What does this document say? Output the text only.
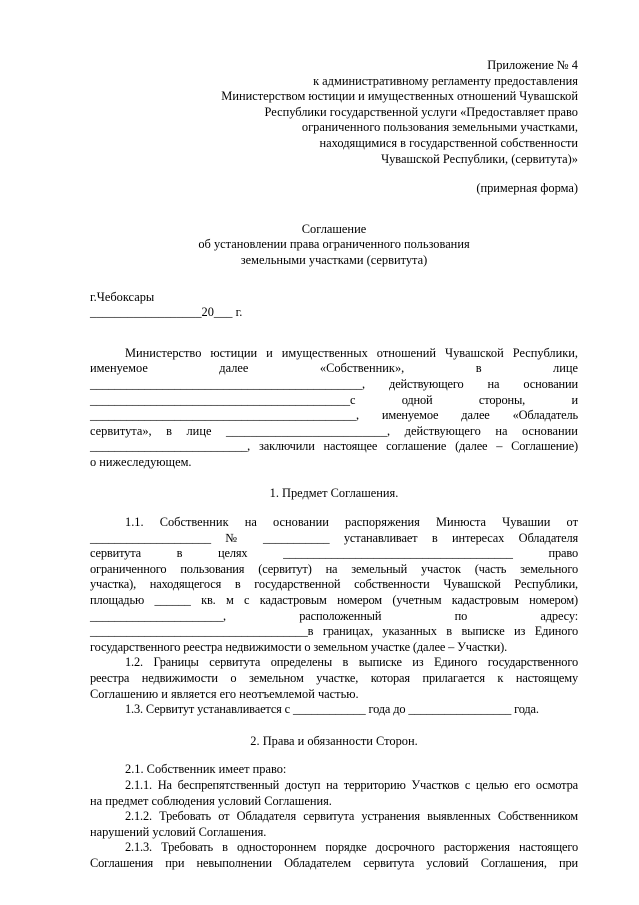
Приложение № 4
к административному регламенту предоставления
Министерством юстиции и имущественных отношений Чувашской
Республики государственной услуги «Предоставляет право
ограниченного пользования земельными участками,
находящимися в государственной собственности
Чувашской Республики, (сервитута)»
(примерная форма)
Соглашение
об установлении права ограниченного пользования
земельными участками (сервитута)
г.Чебоксары
__________________20___ г.
Министерство юстиции и имущественных отношений Чувашской Республики,
именуемое	далее	«Собственник»,	в	лице
_____________________________________________, действующего на основании
___________________________________________с	одной	стороны,	и
____________________________________________, именуемое далее «Обладатель
сервитута», в лице __________________________, действующего на основании
__________________________, заключили настоящее соглашение (далее – Соглашение)
о нижеследующем.
1. Предмет Соглашения.
1.1. Собственник на основании распоряжения Минюста Чувашии от
____________________ № ___________ устанавливает в интересах Обладателя
сервитута	в	целях	______________________________________	право
ограниченного пользования (сервитут) на земельный участок (часть земельного
участка), находящегося в государственной собственности Чувашской Республики,
площадью ______ кв. м с кадастровым номером (учетным кадастровым номером)
______________________,	расположенный	по	адресу:
____________________________________в границах, указанных в выписке из Единого
государственного реестра недвижимости о земельном участке (далее – Участки).
1.2. Границы сервитута определены в выписке из Единого государственного
реестра недвижимости о земельном участке, которая прилагается к настоящему
Соглашению и является его неотъемлемой частью.
1.3. Сервитут устанавливается с ____________ года до _________________ года.
2. Права и обязанности Сторон.
2.1. Собственник имеет право:
2.1.1. На беспрепятственный доступ на территорию Участков с целью его осмотра
на предмет соблюдения условий Соглашения.
2.1.2. Требовать от Обладателя сервитута устранения выявленных Собственником
нарушений условий Соглашения.
2.1.3. Требовать в одностороннем порядке досрочного расторжения настоящего
Соглашения при невыполнении Обладателем сервитута условий Соглашения, при
